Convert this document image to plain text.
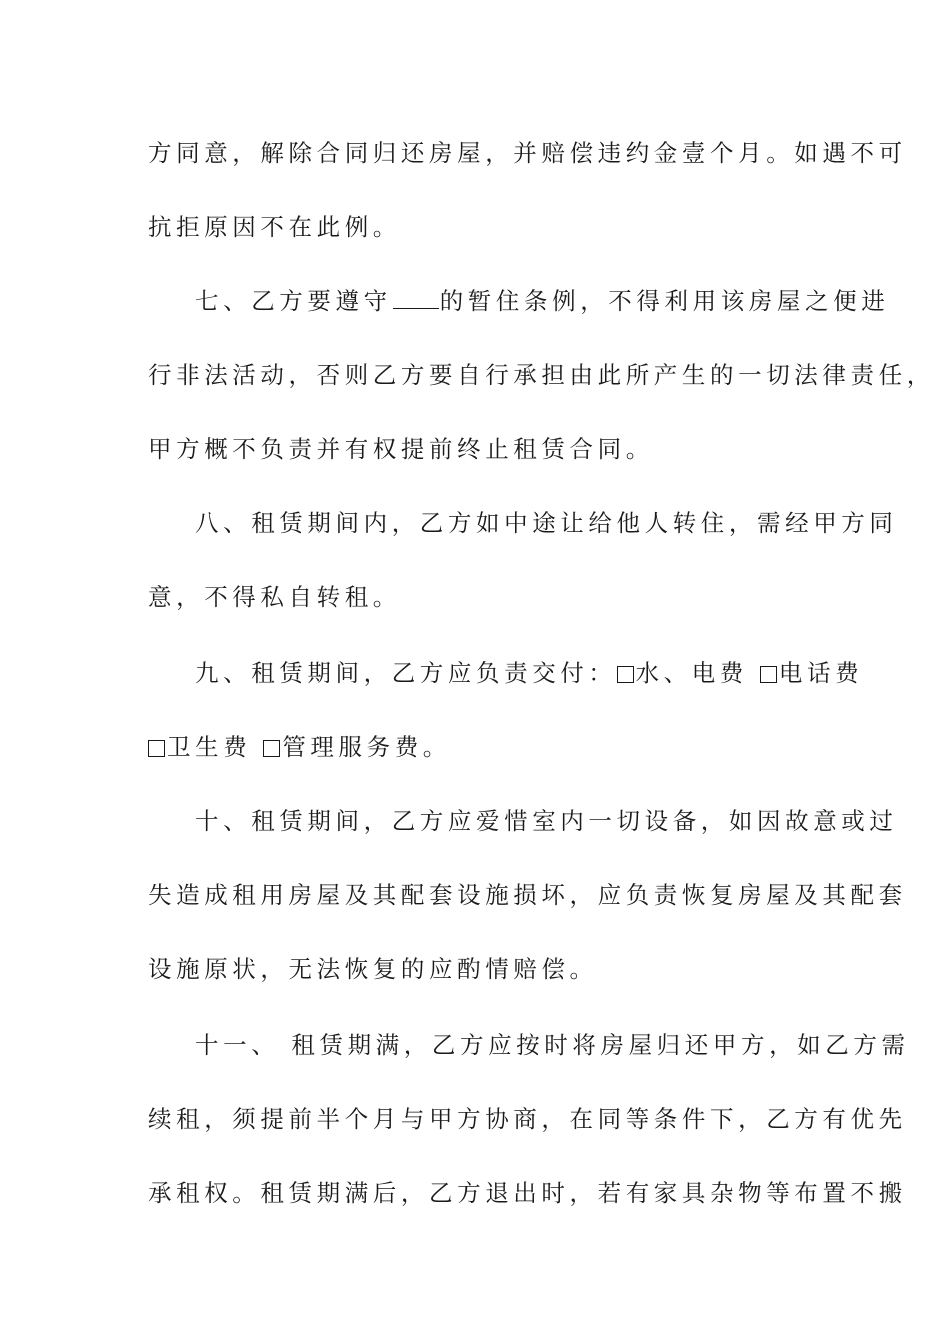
方同意，解除合同归还房屋，并赔偿违约金壹个月。如遇不可
抗拒原因不在此例。
七、乙方要遵守 的暂住条例，不得利用该房屋之便进
行非法活动，否则乙方要自行承担由此所产生的一切法律责任，
甲方概不负责并有权提前终止租赁合同。
八、租赁期间内，乙方如中途让给他人转住，需经甲方同
意，不得私自转租。
九、租赁期间，乙方应负责交付： 水、电费 电话费
卫生费 管理服务费。
十、租赁期间，乙方应爱惜室内一切设备，如因故意或过
失造成租用房屋及其配套设施损坏，应负责恢复房屋及其配套
设施原状，无法恢复的应酌情赔偿。
十一、 租赁期满，乙方应按时将房屋归还甲方，如乙方需
续租，须提前半个月与甲方协商，在同等条件下，乙方有优先
承租权。租赁期满后，乙方退出时，若有家具杂物等布置不搬
